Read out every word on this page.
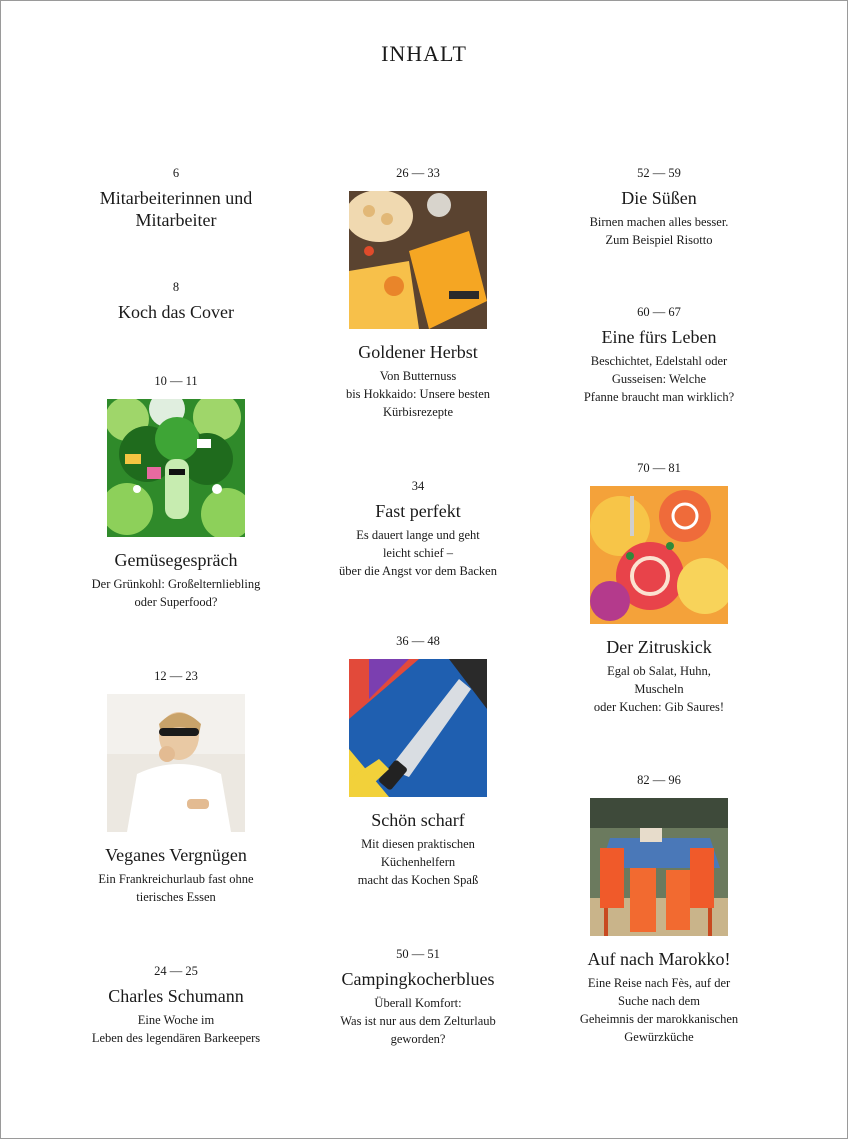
INHALT
6
Mitarbeiterinnen und
Mitarbeiter
8
Koch das Cover
10 — 11
Gemüsegespräch
Der Grünkohl: Großelternliebling
oder Superfood?
12 — 23
Veganes Vergnügen
Ein Frankreichurlaub fast ohne
tierisches Essen
24 — 25
Charles Schumann
Eine Woche im
Leben des legendären Barkeepers
26 — 33
Goldener Herbst
Von Butternuss
bis Hokkaido: Unsere besten
Kürbisrezepte
34
Fast perfekt
Es dauert lange und geht
leicht schief –
über die Angst vor dem Backen
36 — 48
Schön scharf
Mit diesen praktischen
Küchenhelfern
macht das Kochen Spaß
50 — 51
Campingkocherblues
Überall Komfort:
Was ist nur aus dem Zelturlaub
geworden?
52 — 59
Die Süßen
Birnen machen alles besser.
Zum Beispiel Risotto
60 — 67
Eine fürs Leben
Beschichtet, Edelstahl oder
Gusseisen: Welche
Pfanne braucht man wirklich?
70 — 81
Der Zitruskick
Egal ob Salat, Huhn,
Muscheln
oder Kuchen: Gib Saures!
82 — 96
Auf nach Marokko!
Eine Reise nach Fès, auf der
Suche nach dem
Geheimnis der marokkanischen
Gewürzküche
